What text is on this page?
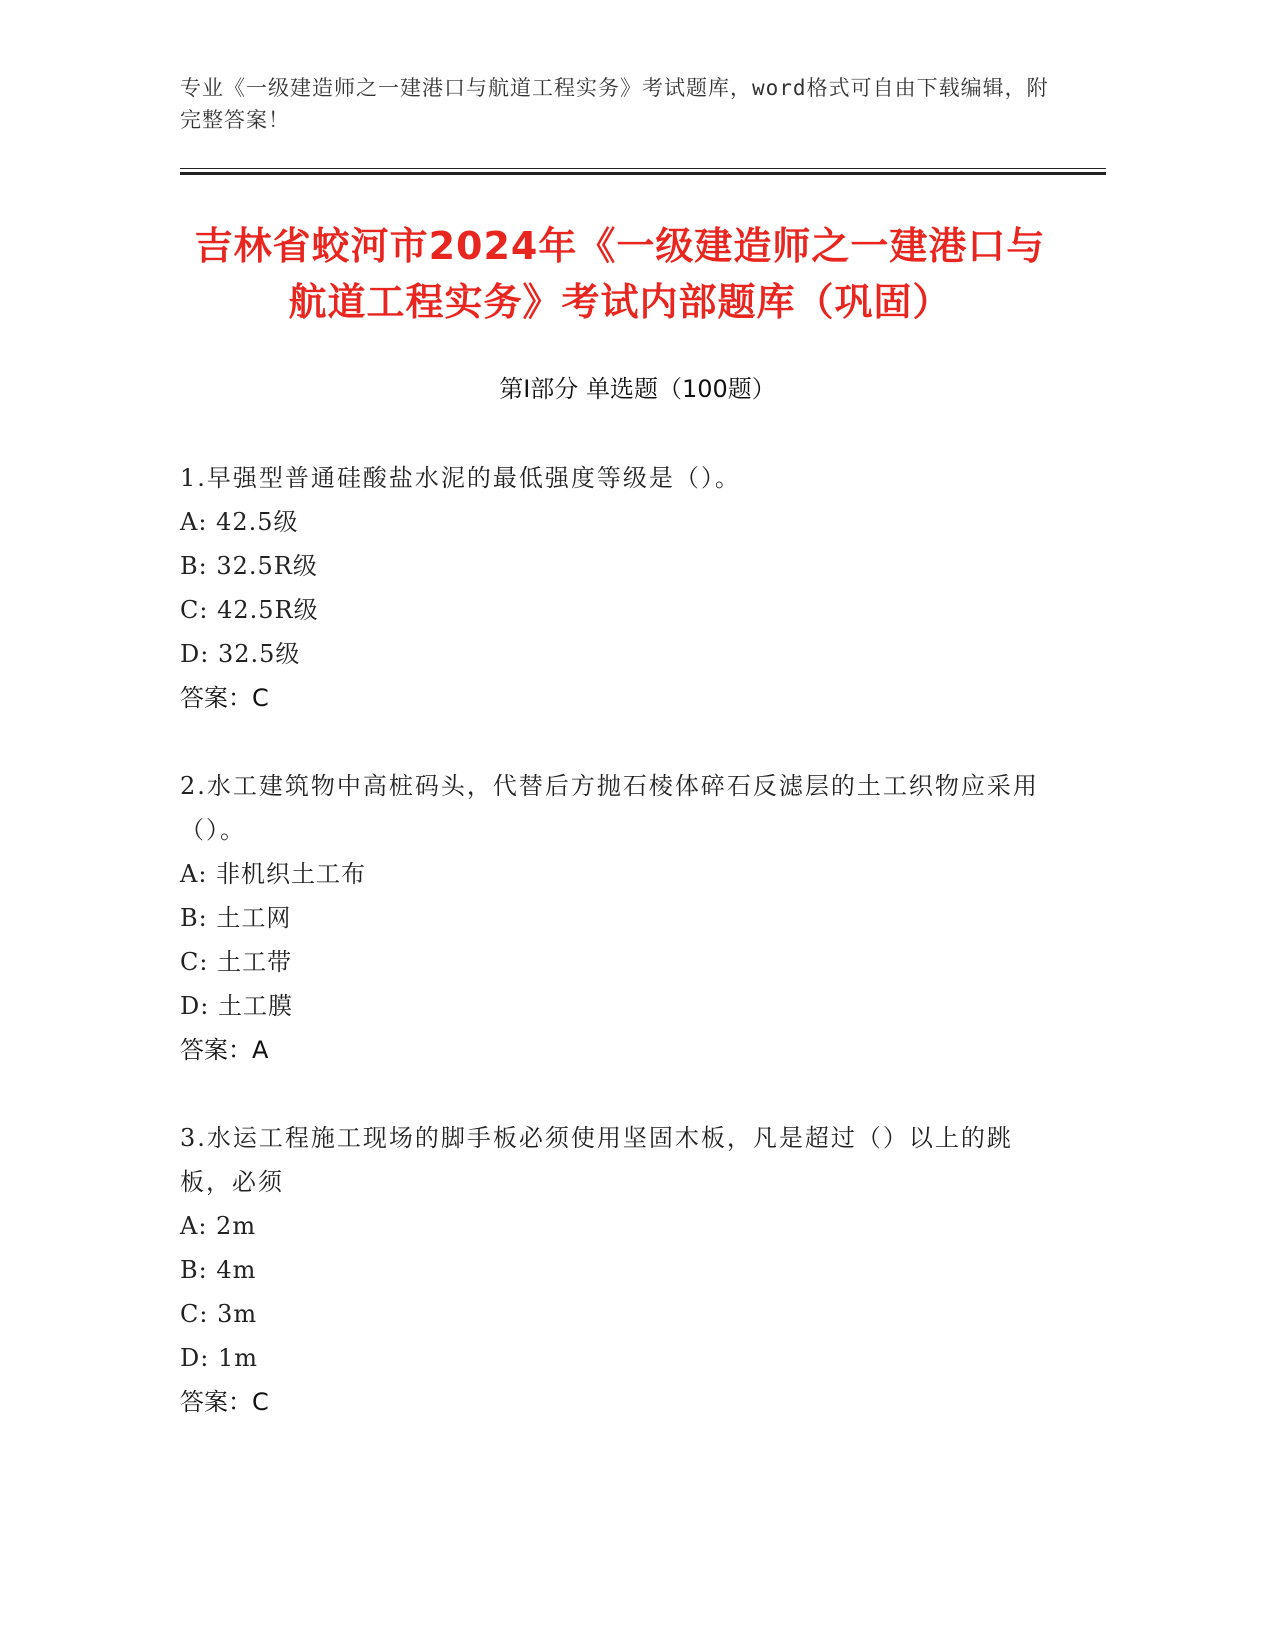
专业《一级建造师之一建港口与航道工程实务》考试题库，word格式可自由下载编辑，附完整答案！
吉林省蛟河市2024年《一级建造师之一建港口与航道工程实务》考试内部题库（巩固）
第I部分 单选题（100题）

1.早强型普通硅酸盐水泥的最低强度等级是（）。

A: 42.5级

B: 32.5R级

C: 42.5R级

D: 32.5级

答案：C

2.水工建筑物中高桩码头，代替后方抛石棱体碎石反滤层的土工织物应采用（）。

A: 非机织土工布

B: 土工网

C: 土工带

D: 土工膜

答案：A

3.水运工程施工现场的脚手板必须使用坚固木板，凡是超过（）以上的跳板，必须

A: 2m

B: 4m

C: 3m

D: 1m

答案：C
